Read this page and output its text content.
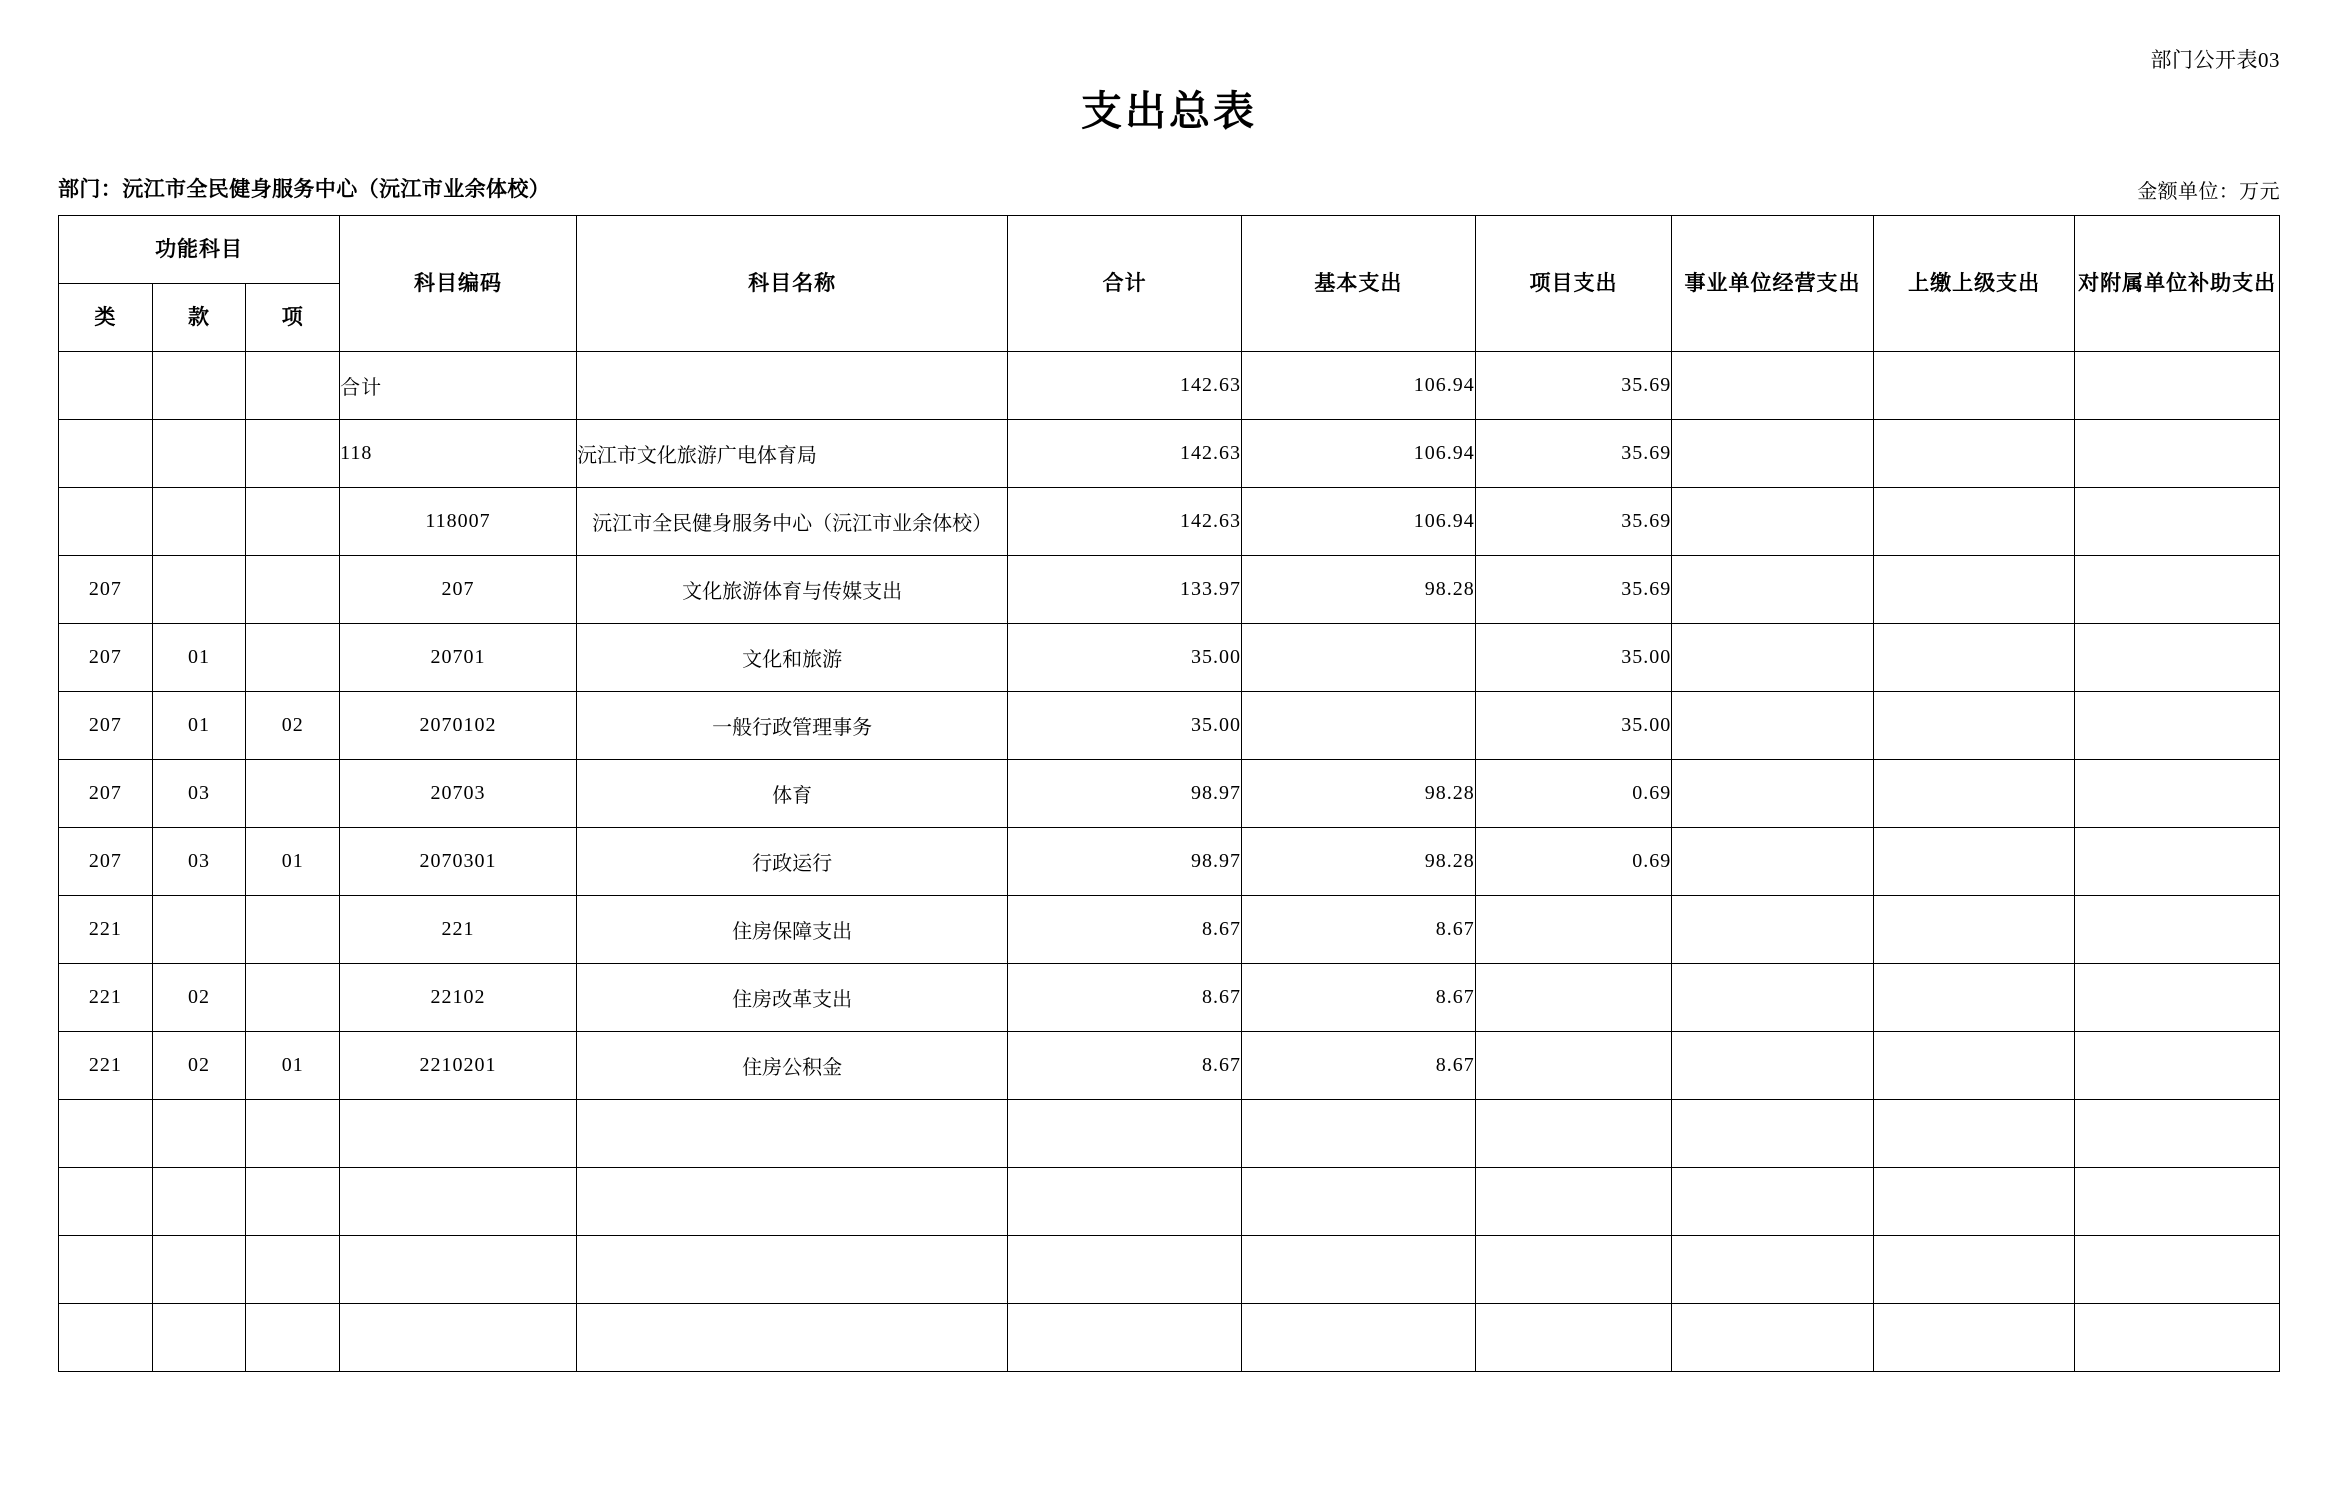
部门公开表03
支出总表
部门：沅江市全民健身服务中心（沅江市业余体校）	金额单位：万元
功能科目			科目编码	科目名称	合计	基本支出	项目支出	事业单位经营支出	上缴上级支出	对附属单位补助支出
类	款	项								
			合计		142.63	106.94	35.69			
			118	沅江市文化旅游广电体育局	142.63	106.94	35.69			
			118007	沅江市全民健身服务中心（沅江市业余体校）	142.63	106.94	35.69			
207			207	文化旅游体育与传媒支出	133.97	98.28	35.69			
207	01		20701	文化和旅游	35.00		35.00			
207	01	02	2070102	一般行政管理事务	35.00		35.00			
207	03		20703	体育	98.97	98.28	0.69			
207	03	01	2070301	行政运行	98.97	98.28	0.69			
221			221	住房保障支出	8.67	8.67				
221	02		22102	住房改革支出	8.67	8.67				
221	02	01	2210201	住房公积金	8.67	8.67				
